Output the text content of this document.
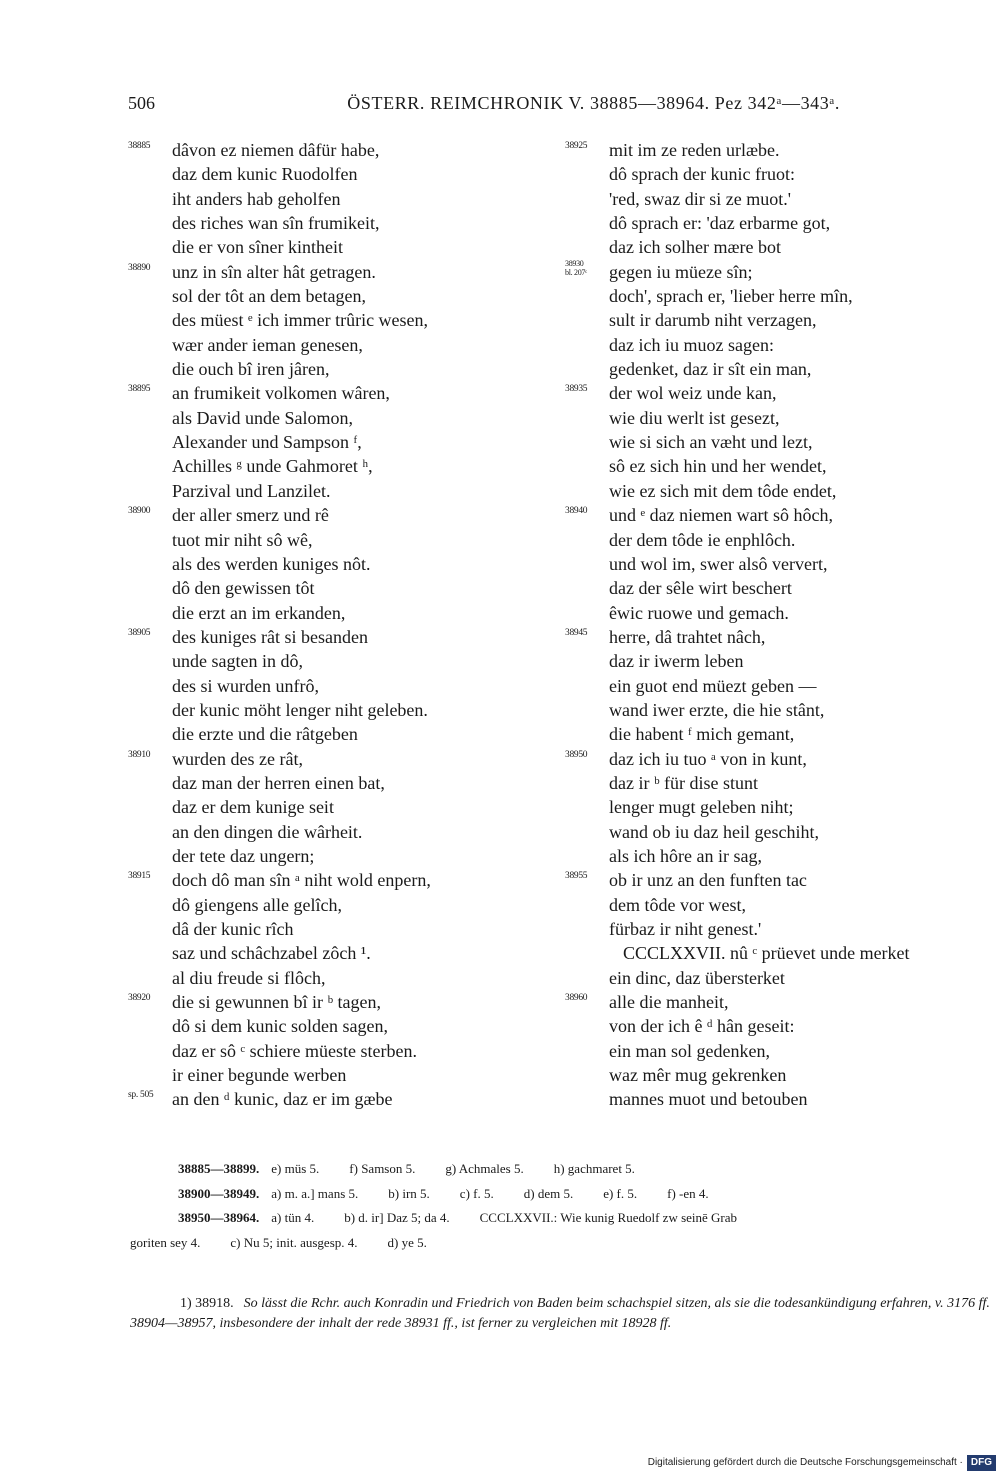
506	ÖSTERR. REIMCHRONIK V. 38885—38964. Pez 342ᵃ—343ᵃ.
38885 dâvon ez niemen dâfür habe,
daz dem kunic Ruodolfen
iht anders hab geholfen
des riches wan sîn frumikeit,
die er von sîner kintheit
38890 unz in sîn alter hât getragen.
sol der tôt an dem betagen,
des müest ᵉ ich immer trûric wesen,
wær ander ieman genesen,
die ouch bî iren jâren,
38895 an frumikeit volkomen wâren,
als David unde Salomon,
Alexander und Sampson ᶠ,
Achilles ᵍ unde Gahmoret ʰ,
Parzival und Lanzilet.
38900 der aller smerz und rê
tuot mir niht sô wê,
als des werden kuniges nôt.
dô den gewissen tôt
die erzt an im erkanden,
38905 des kuniges rât si besanden
unde sagten in dô,
des si wurden unfrô,
der kunic möht lenger niht geleben.
die erzte und die râtgeben
38910 wurden des ze rât,
daz man der herren einen bat,
daz er dem kunige seit
an den dingen die wârheit.
der tete daz ungern;
38915 doch dô man sîn ᵃ niht wold enpern,
dô giengens alle gelîch,
dâ der kunic rîch
saz und schâchzabel zôch ¹.
al diu freude si flôch,
38920 die si gewunnen bî ir ᵇ tagen,
dô si dem kunic solden sagen,
daz er sô ᶜ schiere müeste sterben.
ir einer begunde werben
sp. 505 an den ᵈ kunic, daz er im gæbe
38925 mit im ze reden urlæbe.
dô sprach der kunic fruot:
'red, swaz dir si ze muot.'
dô sprach er: 'daz erbarme got,
daz ich solher mære bot
38930
bl. 207ᶜ gegen iu müeze sîn;
doch', sprach er, 'lieber herre mîn,
sult ir darumb niht verzagen,
daz ich iu muoz sagen:
gedenket, daz ir sît ein man,
38935 der wol weiz unde kan,
wie diu werlt ist gesezt,
wie si sich an væht und lezt,
sô ez sich hin und her wendet,
wie ez sich mit dem tôde endet,
38940 und ᵉ daz niemen wart sô hôch,
der dem tôde ie enphlôch.
und wol im, swer alsô ververt,
daz der sêle wirt beschert
êwic ruowe und gemach.
38945 herre, dâ trahtet nâch,
daz ir iwerm leben
ein guot end müezt geben —
wand iwer erzte, die hie stânt,
die habent ᶠ mich gemant,
38950 daz ich iu tuo ᵃ von in kunt,
daz ir ᵇ für dise stunt
lenger mugt geleben niht;
wand ob iu daz heil geschiht,
als ich hôre an ir sag,
38955 ob ir unz an den funften tac
dem tôde vor west,
fürbaz ir niht genest.'
CCCLXXVII. nû ᶜ prüevet unde merket
ein dinc, daz übersterket
38960 alle die manheit,
von der ich ê ᵈ hân geseit:
ein man sol gedenken,
waz mêr mug gekrenken
mannes muot und betouben
38885—38899. e) müs 5. f) Samson 5. g) Achmales 5. h) gachmaret 5.
38900—38949. a) m. a.] mans 5. b) irn 5. c) f. 5. d) dem 5. e) f. 5. f) -en 4.
38950—38964. a) tün 4. b) d. ir] Daz 5; da 4. CCCLXXVII.: Wie kunig Ruedolf zw seinē Grab
goriten sey 4. c) Nu 5; init. ausgesp. 4. d) ye 5.
1) 38918. So lässt die Rchr. auch Konradin und Friedrich von Baden beim schachspiel sitzen, als sie die todesankündigung erfahren, v. 3176 ff. 38904—38957, insbesondere der inhalt der rede 38931 ff., ist ferner zu vergleichen mit 18928 ff.
Digitalisierung gefördert durch die Deutsche Forschungsgemeinschaft · DFG
